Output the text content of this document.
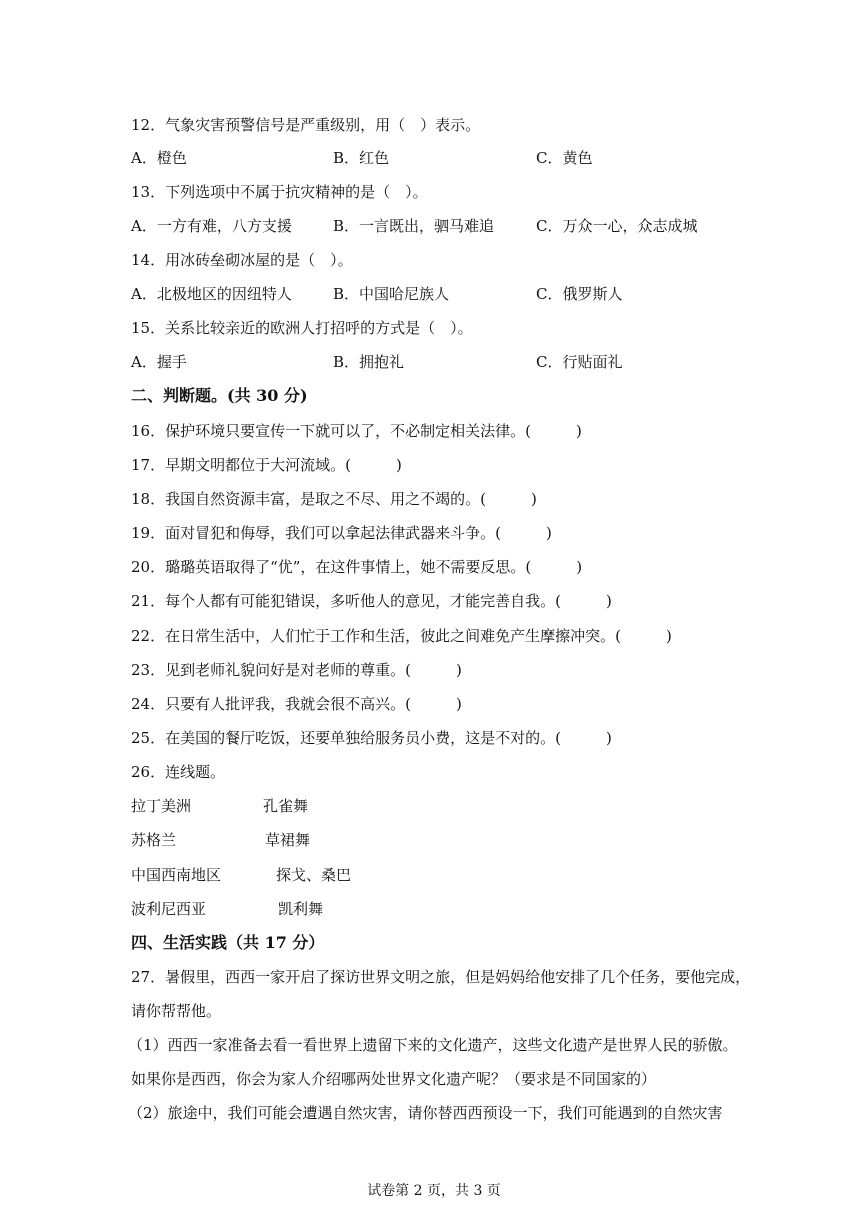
12．气象灾害预警信号是严重级别，用（　）表示。
A．橙色	B．红色	C．黄色
13．下列选项中不属于抗灾精神的是（　）。
A．一方有难，八方支援	B．一言既出，驷马难追	C．万众一心，众志成城
14．用冰砖垒砌冰屋的是（　）。
A．北极地区的因纽特人	B．中国哈尼族人	C．俄罗斯人
15．关系比较亲近的欧洲人打招呼的方式是（　）。
A．握手	B．拥抱礼	C．行贴面礼
二、判断题。(共 30 分)
16．保护环境只要宣传一下就可以了，不必制定相关法律。(　　　)
17．早期文明都位于大河流域。(　　　)
18．我国自然资源丰富，是取之不尽、用之不竭的。(　　　)
19．面对冒犯和侮辱，我们可以拿起法律武器来斗争。(　　　)
20．璐璐英语取得了“优”，在这件事情上，她不需要反思。(　　　)
21．每个人都有可能犯错误，多听他人的意见，才能完善自我。(　　　)
22．在日常生活中，人们忙于工作和生活，彼此之间难免产生摩擦冲突。(　　　)
23．见到老师礼貌问好是对老师的尊重。(　　　)
24．只要有人批评我，我就会很不高兴。(　　　)
25．在美国的餐厅吃饭，还要单独给服务员小费，这是不对的。(　　　)
26．连线题。
拉丁美洲	孔雀舞
苏格兰	草裙舞
中国西南地区	探戈、桑巴
波利尼西亚	凯利舞
四、生活实践（共 17 分）
27．暑假里，西西一家开启了探访世界文明之旅，但是妈妈给他安排了几个任务，要他完成，
请你帮帮他。
（1）西西一家准备去看一看世界上遗留下来的文化遗产，这些文化遗产是世界人民的骄傲。
如果你是西西，你会为家人介绍哪两处世界文化遗产呢？（要求是不同国家的）
（2）旅途中，我们可能会遭遇自然灾害，请你替西西预设一下，我们可能遇到的自然灾害
试卷第 2 页，共 3 页
